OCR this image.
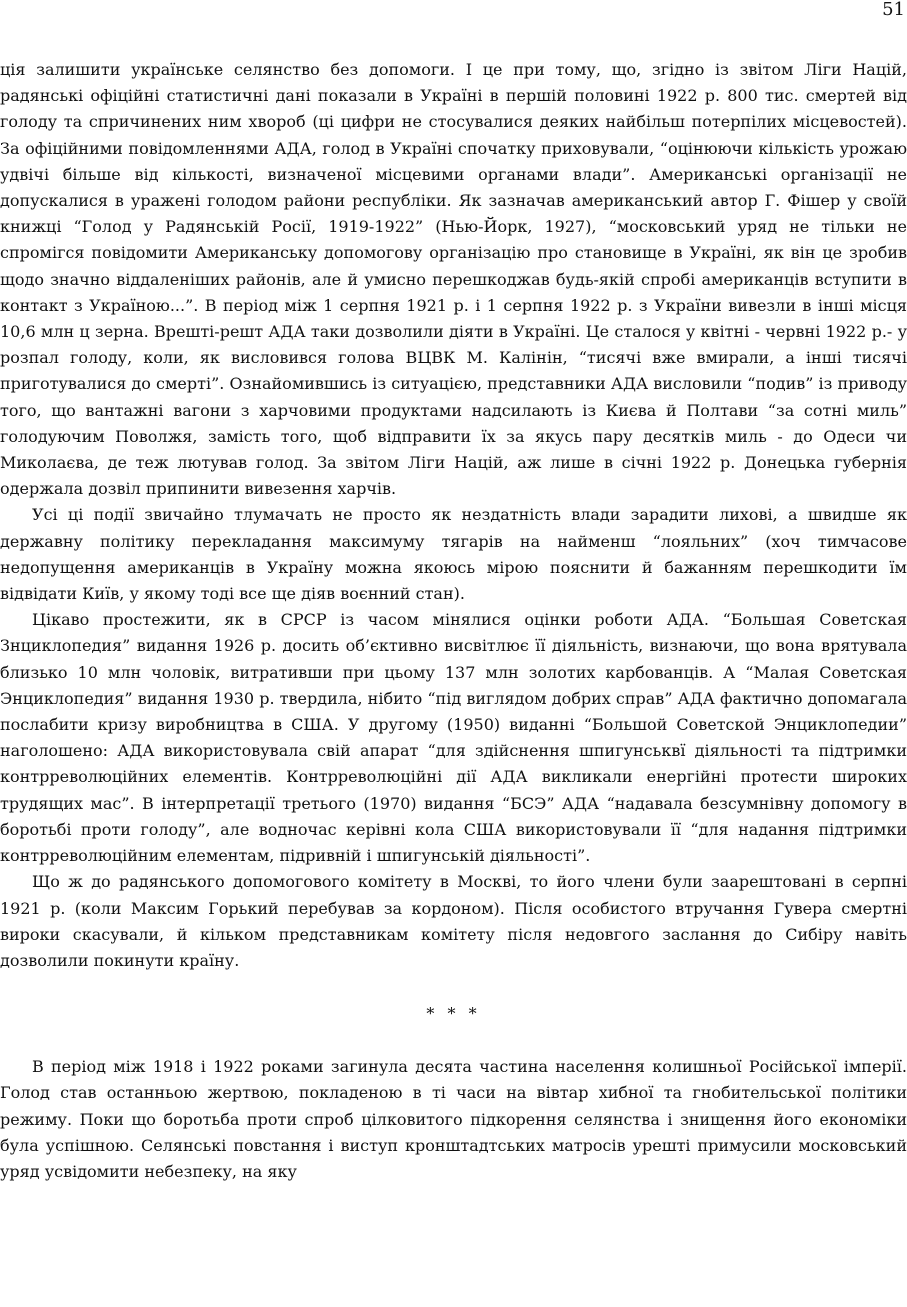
51

ція залишити українське селянство без допомоги. І це при тому, що, згідно із звітом Ліги Націй, радянські офіційні статистичні дані показали в Україні в першій половині 1922 р. 800 тис. смертей від голоду та спричинених ним хвороб (ці цифри не стосувалися деяких найбільш потерпілих місцевостей). За офіційними повідомленнями АДА, голод в Україні спочатку приховували, “оцінюючи кількість урожаю удвічі більше від кількості, визначеної місцевими органами влади”. Американські організації не допускалися в уражені голодом райони республіки. Як зазначав американський автор Г. Фішер у своїй книжці “Голод у Радянській Росії, 1919-1922” (Нью-Йорк, 1927), “московський уряд не тільки не спромігся повідомити Американську допомогову організацію про становище в Україні, як він це зробив щодо значно віддаленіших районів, але й умисно перешкоджав будь-якій спробі американців вступити в контакт з Україною...”. В період між 1 серпня 1921 р. і 1 серпня 1922 р. з України вивезли в інші місця 10,6 млн ц зерна. Врешті-решт АДА таки дозволили діяти в Україні. Це сталося у квітні - червні 1922 р.- у розпал голоду, коли, як висловився голова ВЦВК М. Калінін, “тисячі вже вмирали, а інші тисячі приготувалися до смерті”. Ознайомившись із ситуацією, представники АДА висловили “подив” із приводу того, що вантажні вагони з харчовими продуктами надсилають із Києва й Полтави “за сотні миль” голодуючим Поволжя, замість того, щоб відправити їх за якусь пару десятків миль - до Одеси чи Миколаєва, де теж лютував голод. За звітом Ліги Націй, аж лише в січні 1922 р. Донецька губернія одержала дозвіл припинити вивезення харчів.

Усі ці події звичайно тлумачать не просто як нездатність влади зарадити лихові, а швидше як державну політику перекладання максимуму тягарів на найменш “лояльних” (хоч тимчасове недопущення американців в Україну можна якоюсь мірою пояснити й бажанням перешкодити їм відвідати Київ, у якому тоді все ще діяв воєнний стан).

Цікаво простежити, як в СРСР із часом мінялися оцінки роботи АДА. “Большая Советская Знциклопедия” видання 1926 р. досить об’єктивно висвітлює її діяльність, визнаючи, що вона врятувала близько 10 млн чоловік, витративши при цьому 137 млн золотих карбованців. А “Малая Советская Энциклопедия” видання 1930 р. твердила, нібито “під виглядом добрих справ” АДА фактично допомагала послабити кризу виробництва в США. У другому (1950) виданні “Большой Советской Энциклопедии” наголошено: АДА використовувала свій апарат “для здійснення шпигунськвї діяльності та підтримки контрреволюційних елементів. Контрреволюційні дії АДА викликали енергійні протести широких трудящих мас”. В інтерпретації третього (1970) видання “БСЭ” АДА “надавала безсумнівну допомогу в боротьбі проти голоду”, але водночас керівні кола США використовували її “для надання підтримки контрреволюційним елементам, підривній і шпигунській діяльності”.

Що ж до радянського допомогового комітету в Москві, то його члени були заарештовані в серпні 1921 р. (коли Максим Горький перебував за кордоном). Після особистого втручання Гувера смертні вироки скасували, й кільком представникам комітету після недовгого заслання до Сибіру навіть дозволили покинути країну.

* * *

В період між 1918 і 1922 роками загинула десята частина населення колишньої Російської імперії. Голод став останньою жертвою, покладеною в ті часи на вівтар хибної та гнобительської політики режиму. Поки що боротьба проти спроб цілковитого підкорення селянства і знищення його економіки була успішною. Селянські повстання і виступ кронштадтських матросів урешті примусили московський уряд усвідомити небезпеку, на яку
